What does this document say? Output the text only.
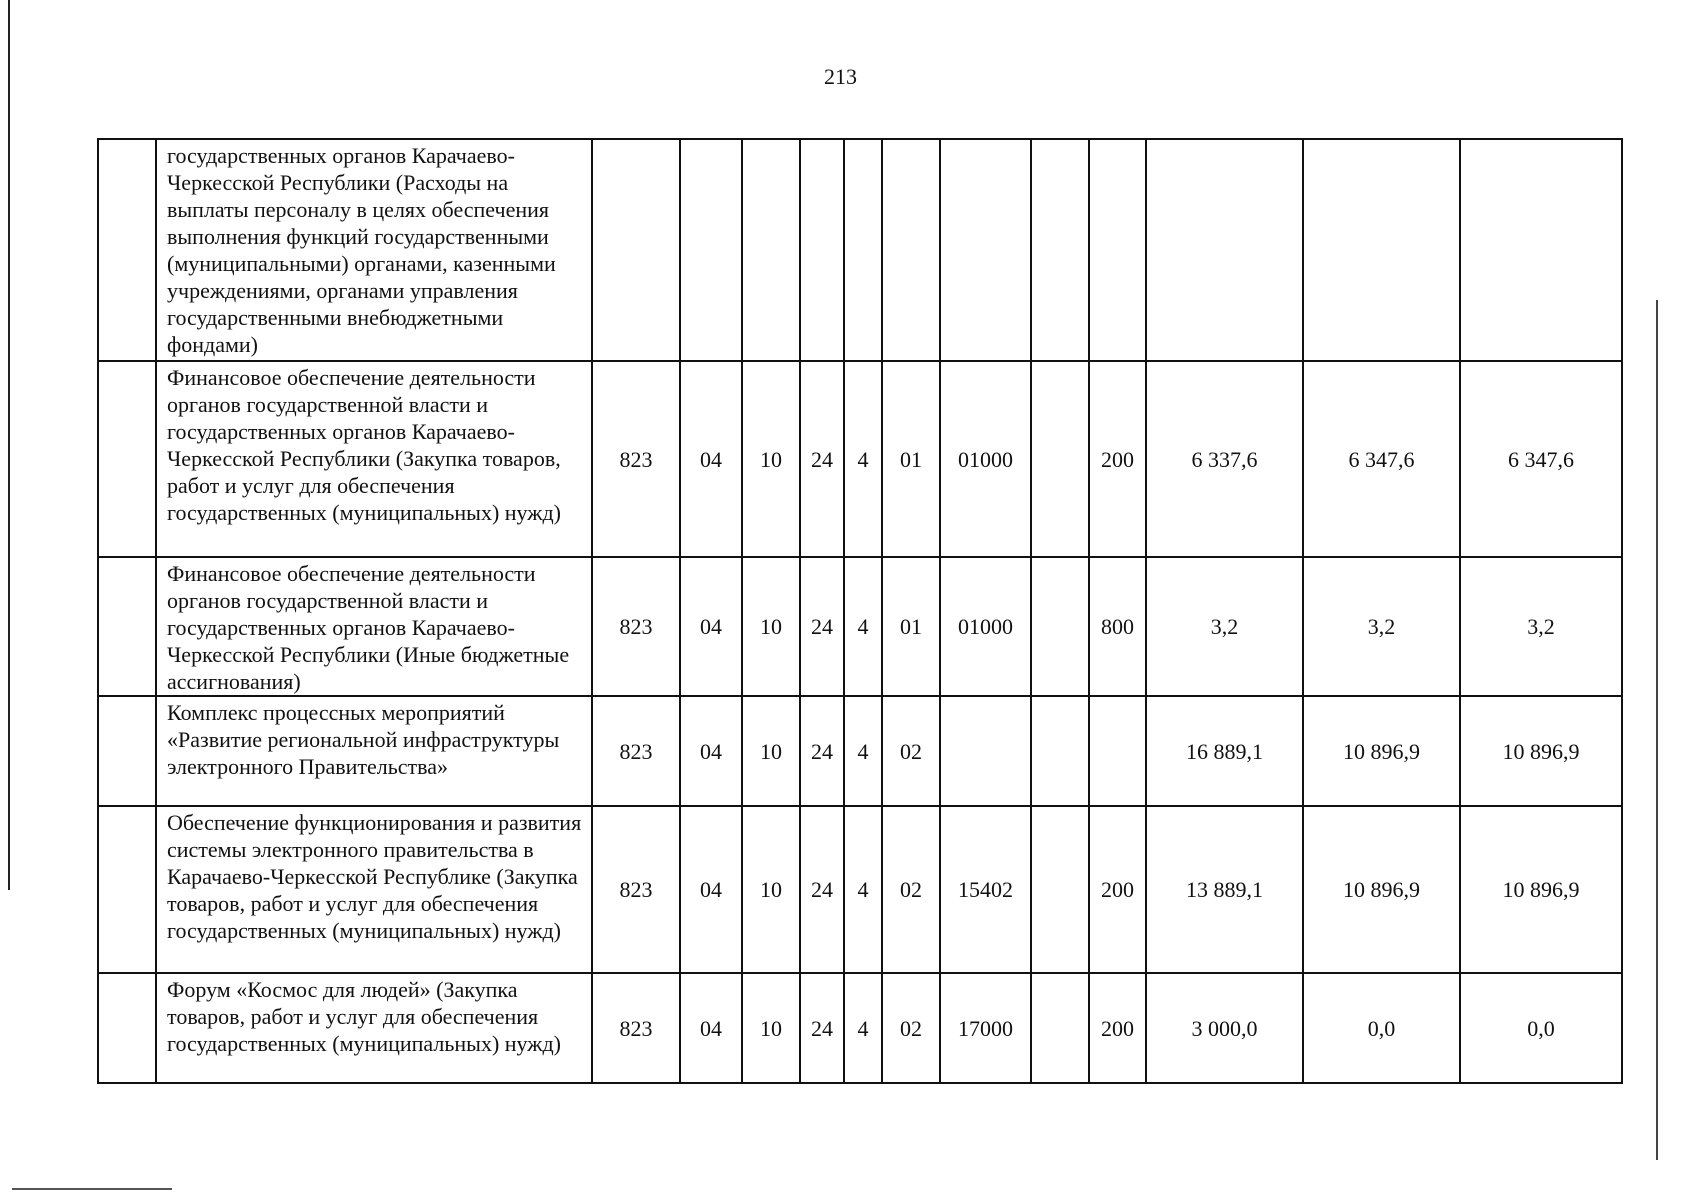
213
	государственных органов Карачаево-Черкесской Республики (Расходы на выплаты персоналу в целях обеспечения выполнения функций государственными (муниципальными) органами, казенными учреждениями, органами управления государственными внебюджетными фондами)												
	Финансовое обеспечение деятельности органов государственной власти и государственных органов Карачаево-Черкесской Республики (Закупка товаров, работ и услуг для обеспечения государственных (муниципальных) нужд)	823	04	10	24	4	01	01000		200	6 337,6	6 347,6	6 347,6
	Финансовое обеспечение деятельности органов государственной власти и государственных органов Карачаево-Черкесской Республики (Иные бюджетные ассигнования)	823	04	10	24	4	01	01000		800	3,2	3,2	3,2
	Комплекс процессных мероприятий «Развитие региональной инфраструктуры электронного Правительства»	823	04	10	24	4	02				16 889,1	10 896,9	10 896,9
	Обеспечение функционирования и развития системы электронного правительства в Карачаево-Черкесской Республике (Закупка товаров, работ и услуг для обеспечения государственных (муниципальных) нужд)	823	04	10	24	4	02	15402		200	13 889,1	10 896,9	10 896,9
	Форум «Космос для людей» (Закупка товаров, работ и услуг для обеспечения государственных (муниципальных) нужд)	823	04	10	24	4	02	17000		200	3 000,0	0,0	0,0
